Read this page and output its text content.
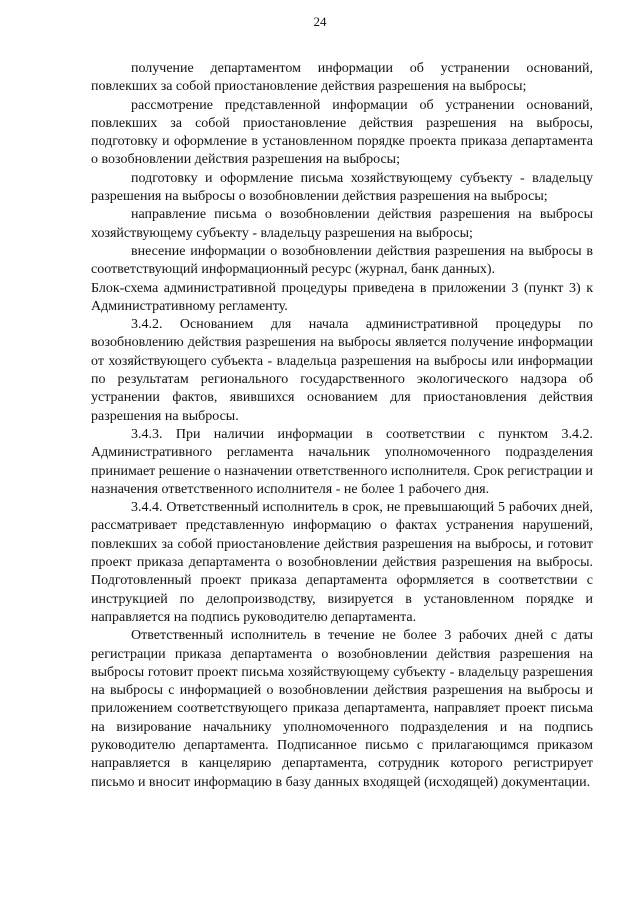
24

получение департаментом информации об устранении оснований, повлекших за собой приостановление действия разрешения на выбросы;

рассмотрение представленной информации об устранении оснований, повлекших за собой приостановление действия разрешения на выбросы, подготовку и оформление в установленном порядке проекта приказа департамента о возобновлении действия разрешения на выбросы;

подготовку и оформление письма хозяйствующему субъекту - владельцу разрешения на выбросы о возобновлении действия разрешения на выбросы;

направление письма о возобновлении действия разрешения на выбросы хозяйствующему субъекту - владельцу разрешения на выбросы;

внесение информации о возобновлении действия разрешения на выбросы в соответствующий информационный ресурс (журнал, банк данных).

Блок-схема административной процедуры приведена в приложении 3 (пункт 3) к Административному регламенту.

3.4.2. Основанием для начала административной процедуры по возобновлению действия разрешения на выбросы является получение информации от хозяйствующего субъекта - владельца разрешения на выбросы или информации по результатам регионального государственного экологического надзора об устранении фактов, явившихся основанием для приостановления действия разрешения на выбросы.

3.4.3. При наличии информации в соответствии с пунктом 3.4.2. Административного регламента начальник уполномоченного подразделения принимает решение о назначении ответственного исполнителя. Срок регистрации и назначения ответственного исполнителя - не более 1 рабочего дня.

3.4.4. Ответственный исполнитель в срок, не превышающий 5 рабочих дней, рассматривает представленную информацию о фактах устранения нарушений, повлекших за собой приостановление действия разрешения на выбросы, и готовит проект приказа департамента о возобновлении действия разрешения на выбросы. Подготовленный проект приказа департамента оформляется в соответствии с инструкцией по делопроизводству, визируется в установленном порядке и направляется на подпись руководителю департамента.

Ответственный исполнитель в течение не более 3 рабочих дней с даты регистрации приказа департамента о возобновлении действия разрешения на выбросы готовит проект письма хозяйствующему субъекту - владельцу разрешения на выбросы с информацией о возобновлении действия разрешения на выбросы и приложением соответствующего приказа департамента, направляет проект письма на визирование начальнику уполномоченного подразделения и на подпись руководителю департамента. Подписанное письмо с прилагающимся приказом направляется в канцелярию департамента, сотрудник которого регистрирует письмо и вносит информацию в базу данных входящей (исходящей) документации.
